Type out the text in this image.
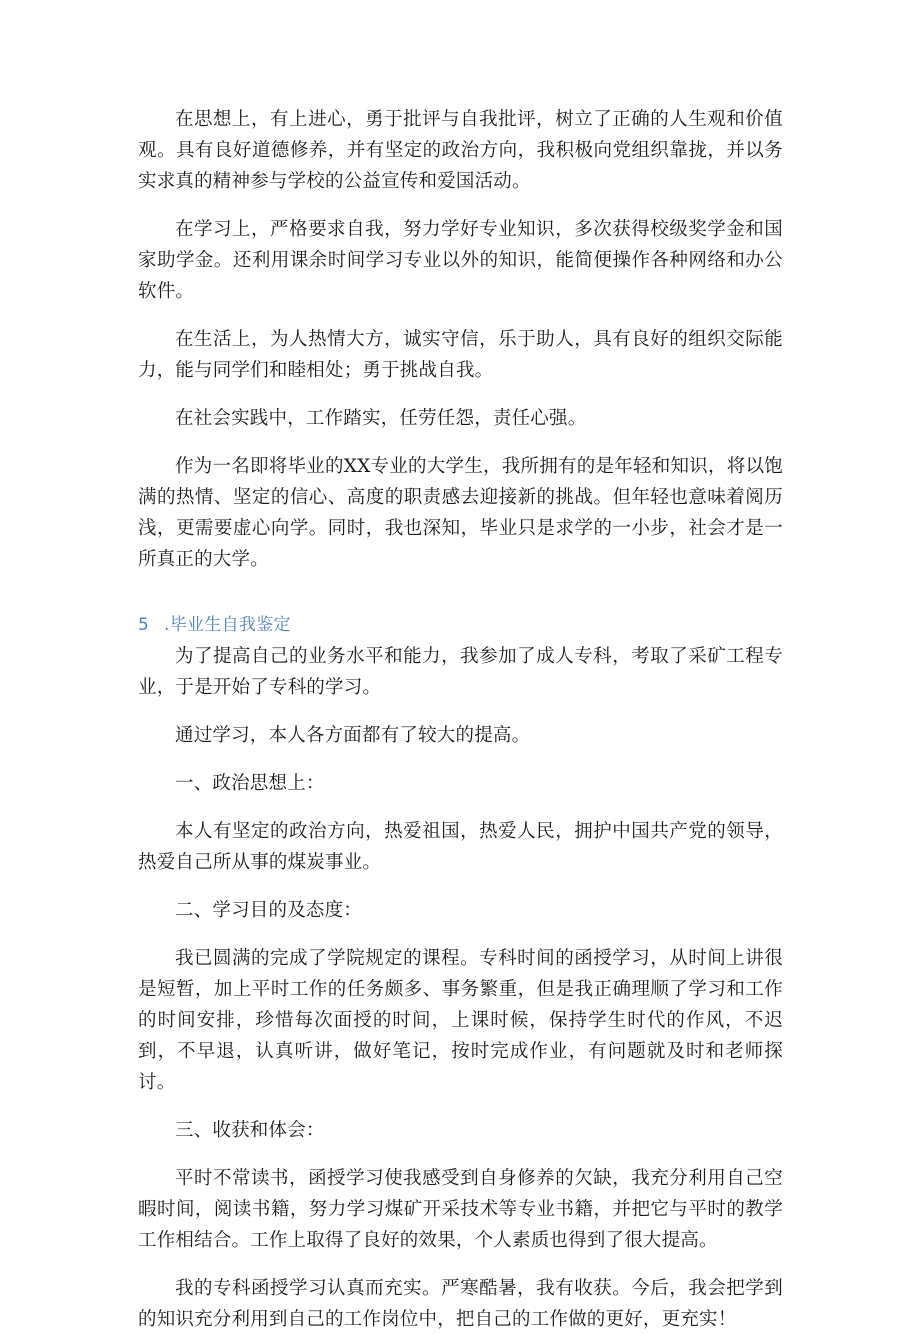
在思想上，有上进心，勇于批评与自我批评，树立了正确的人生观和价值观。具有良好道德修养，并有坚定的政治方向，我积极向党组织靠拢，并以务实求真的精神参与学校的公益宣传和爱国活动。

在学习上，严格要求自我，努力学好专业知识，多次获得校级奖学金和国家助学金。还利用课余时间学习专业以外的知识，能简便操作各种网络和办公软件。

在生活上，为人热情大方，诚实守信，乐于助人，具有良好的组织交际能力，能与同学们和睦相处；勇于挑战自我。

在社会实践中，工作踏实，任劳任怨，责任心强。

作为一名即将毕业的XX专业的大学生，我所拥有的是年轻和知识，将以饱满的热情、坚定的信心、高度的职责感去迎接新的挑战。但年轻也意味着阅历浅，更需要虚心向学。同时，我也深知，毕业只是求学的一小步，社会才是一所真正的大学。

5 .毕业生自我鉴定

为了提高自己的业务水平和能力，我参加了成人专科，考取了采矿工程专业，于是开始了专科的学习。

通过学习，本人各方面都有了较大的提高。

一、政治思想上：

本人有坚定的政治方向，热爱祖国，热爱人民，拥护中国共产党的领导，热爱自己所从事的煤炭事业。

二、学习目的及态度：

我已圆满的完成了学院规定的课程。专科时间的函授学习，从时间上讲很是短暂，加上平时工作的任务颇多、事务繁重，但是我正确理顺了学习和工作的时间安排，珍惜每次面授的时间，上课时候，保持学生时代的作风，不迟到，不早退，认真听讲，做好笔记，按时完成作业，有问题就及时和老师探讨。

三、收获和体会：

平时不常读书，函授学习使我感受到自身修养的欠缺，我充分利用自己空暇时间，阅读书籍，努力学习煤矿开采技术等专业书籍，并把它与平时的教学工作相结合。工作上取得了良好的效果，个人素质也得到了很大提高。

我的专科函授学习认真而充实。严寒酷暑，我有收获。今后，我会把学到的知识充分利用到自己的工作岗位中，把自己的工作做的更好，更充实！
